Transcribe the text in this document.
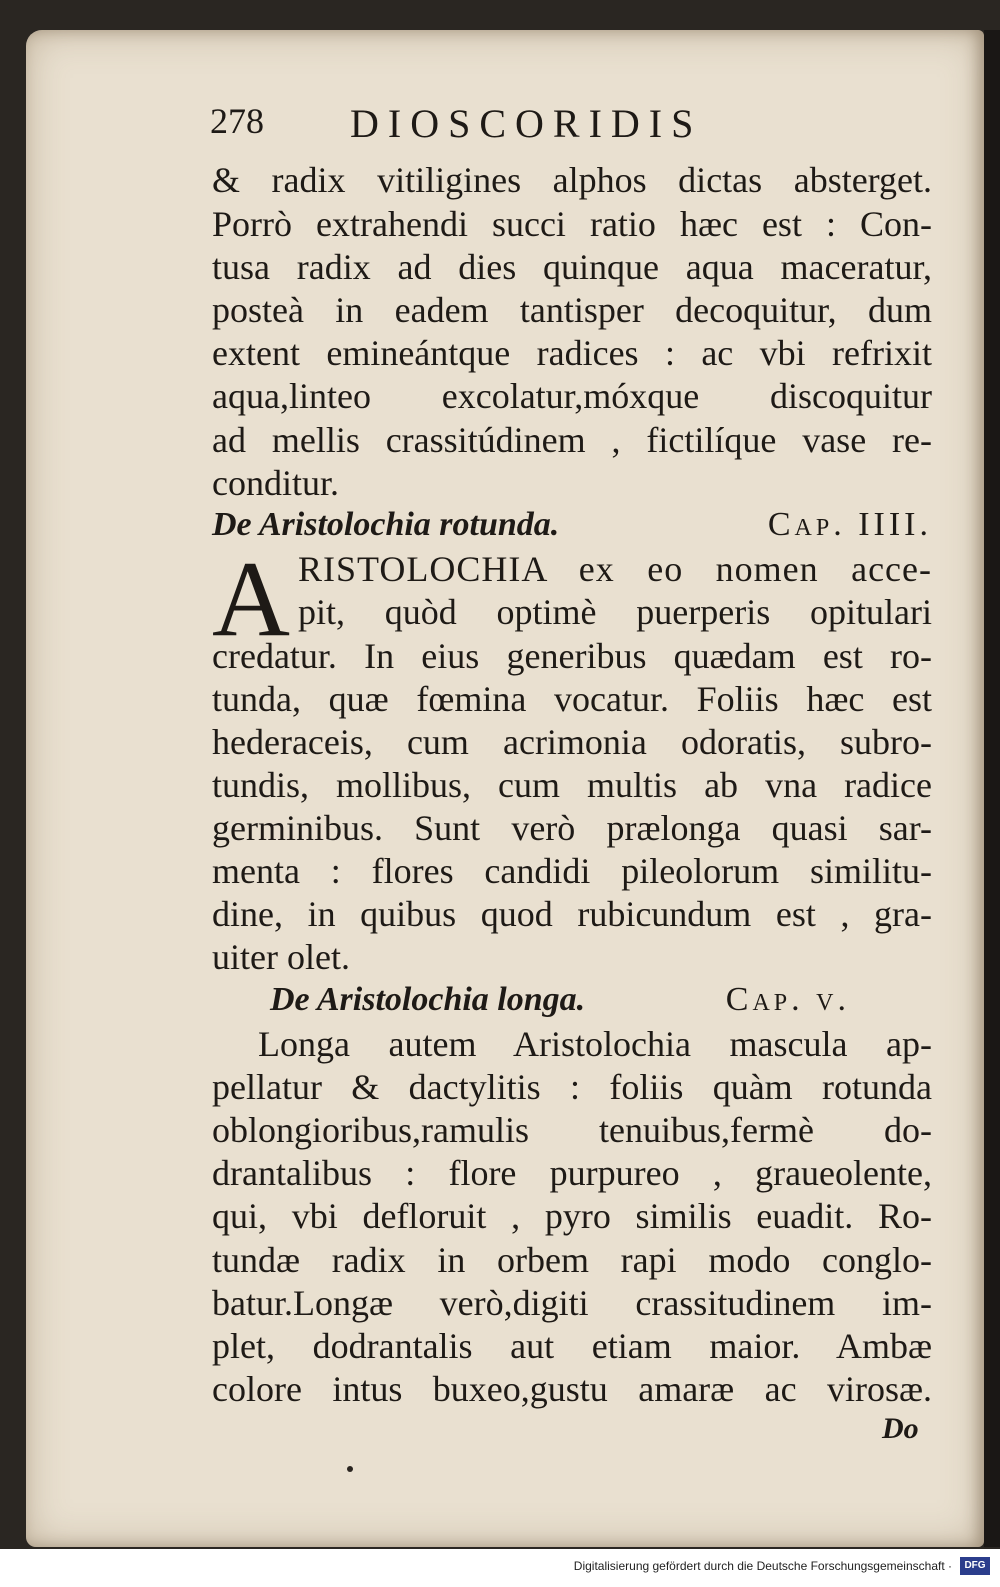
278 DIOSCORIDIS
& radix vitiligines alphos dictas absterget.
Porrò extrahendi succi ratio hæc est : Con-
tusa radix ad dies quinque aqua maceratur,
posteà in eadem tantisper decoquitur, dum
extent emineántque radices : ac vbi refrixit
aqua,linteo excolatur,móxque discoquitur
ad mellis crassitúdinem , fictilíque vase re-
conditur.
De Aristolochia rotunda.	Cap. IIII.
A RISTOLOCHIA ex eo nomen acce-
pit, quòd optimè puerperis opitulari
credatur. In eius generibus quædam est ro-
tunda, quæ fœmina vocatur. Foliis hæc est
hederaceis, cum acrimonia odoratis, subro-
tundis, mollibus, cum multis ab vna radice
germinibus. Sunt verò prælonga quasi sar-
menta : flores candidi pileolorum similitu-
dine, in quibus quod rubicundum est , gra-
uiter olet.
De Aristolochia longa.	Cap. v.
Longa autem Aristolochia mascula ap-
pellatur & dactylitis : foliis quàm rotunda
oblongioribus,ramulis tenuibus,fermè do-
drantalibus : flore purpureo , graueolente,
qui, vbi defloruit , pyro similis euadit. Ro-
tundæ radix in orbem rapi modo conglo-
batur.Longæ verò,digiti crassitudinem im-
plet, dodrantalis aut etiam maior. Ambæ
colore intus buxeo,gustu amaræ ac virosæ.
Do
Digitalisierung gefördert durch die Deutsche Forschungsgemeinschaft ·	DFG
